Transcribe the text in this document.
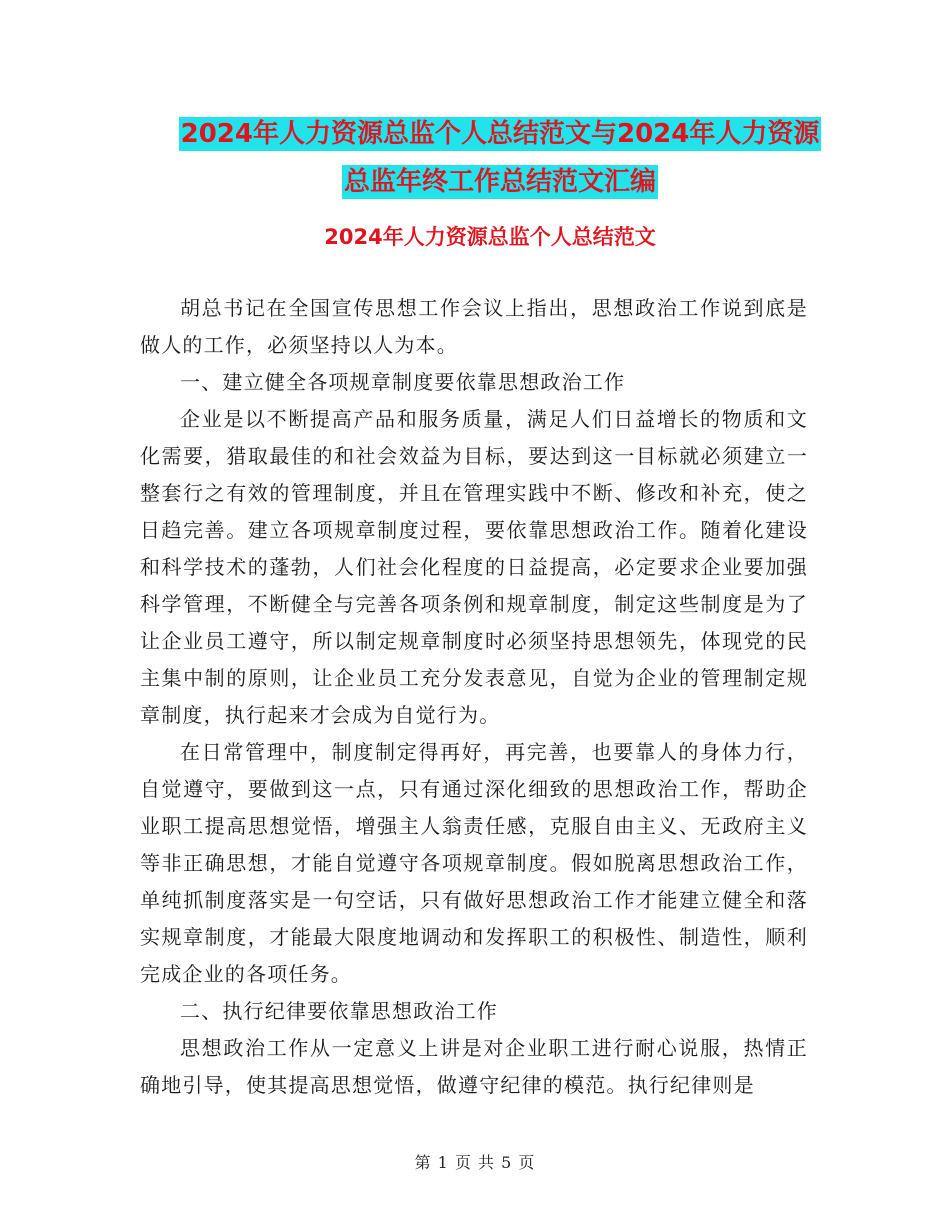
2024年人力资源总监个人总结范文与2024年人力资源
总监年终工作总结范文汇编
2024年人力资源总监个人总结范文

胡总书记在全国宣传思想工作会议上指出，思想政治工作说到底是做人的工作，必须坚持以人为本。

一、建立健全各项规章制度要依靠思想政治工作

企业是以不断提高产品和服务质量，满足人们日益增长的物质和文化需要，猎取最佳的和社会效益为目标，要达到这一目标就必须建立一整套行之有效的管理制度，并且在管理实践中不断、修改和补充，使之日趋完善。建立各项规章制度过程，要依靠思想政治工作。随着化建设和科学技术的蓬勃，人们社会化程度的日益提高，必定要求企业要加强科学管理，不断健全与完善各项条例和规章制度，制定这些制度是为了让企业员工遵守，所以制定规章制度时必须坚持思想领先，体现党的民主集中制的原则，让企业员工充分发表意见，自觉为企业的管理制定规章制度，执行起来才会成为自觉行为。

在日常管理中，制度制定得再好，再完善，也要靠人的身体力行，自觉遵守，要做到这一点，只有通过深化细致的思想政治工作，帮助企业职工提高思想觉悟，增强主人翁责任感，克服自由主义、无政府主义等非正确思想，才能自觉遵守各项规章制度。假如脱离思想政治工作，单纯抓制度落实是一句空话，只有做好思想政治工作才能建立健全和落实规章制度，才能最大限度地调动和发挥职工的积极性、制造性，顺利完成企业的各项任务。

二、执行纪律要依靠思想政治工作

思想政治工作从一定意义上讲是对企业职工进行耐心说服，热情正确地引导，使其提高思想觉悟，做遵守纪律的模范。执行纪律则是

第 1 页 共 5 页
